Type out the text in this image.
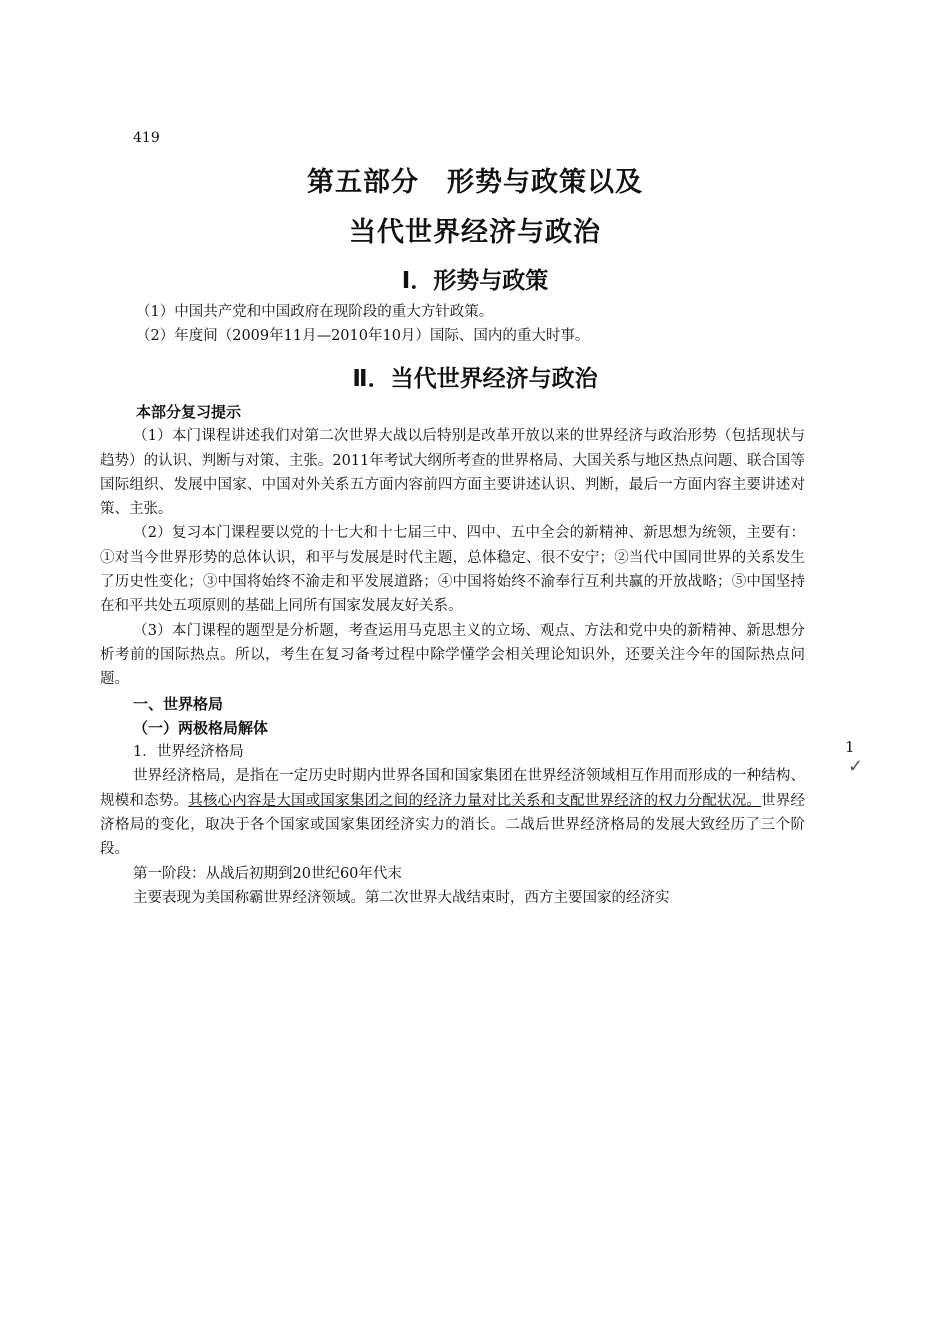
419
第五部分　形势与政策以及
当代世界经济与政治
Ⅰ．形势与政策

（1）中国共产党和中国政府在现阶段的重大方针政策。

（2）年度间（2009年11月—2010年10月）国际、国内的重大时事。

Ⅱ．当代世界经济与政治

本部分复习提示

（1）本门课程讲述我们对第二次世界大战以后特别是改革开放以来的世界经济与政治形势（包括现状与趋势）的认识、判断与对策、主张。2011年考试大纲所考查的世界格局、大国关系与地区热点问题、联合国等国际组织、发展中国家、中国对外关系五方面内容前四方面主要讲述认识、判断，最后一方面内容主要讲述对策、主张。

（2）复习本门课程要以党的十七大和十七届三中、四中、五中全会的新精神、新思想为统领，主要有：①对当今世界形势的总体认识，和平与发展是时代主题，总体稳定、很不安宁；②当代中国同世界的关系发生了历史性变化；③中国将始终不渝走和平发展道路；④中国将始终不渝奉行互利共赢的开放战略；⑤中国坚持在和平共处五项原则的基础上同所有国家发展友好关系。

（3）本门课程的题型是分析题，考查运用马克思主义的立场、观点、方法和党中央的新精神、新思想分析考前的国际热点。所以，考生在复习备考过程中除学懂学会相关理论知识外，还要关注今年的国际热点问题。

一、世界格局

（一）两极格局解体

1．世界经济格局

世界经济格局，是指在一定历史时期内世界各国和国家集团在世界经济领域相互作用而形成的一种结构、规模和态势。其核心内容是大国或国家集团之间的经济力量对比关系和支配世界经济的权力分配状况。世界经济格局的变化，取决于各个国家或国家集团经济实力的消长。二战后世界经济格局的发展大致经历了三个阶段。

第一阶段：从战后初期到20世纪60年代末

主要表现为美国称霸世界经济领域。第二次世界大战结束时，西方主要国家的经济实

1
✓
